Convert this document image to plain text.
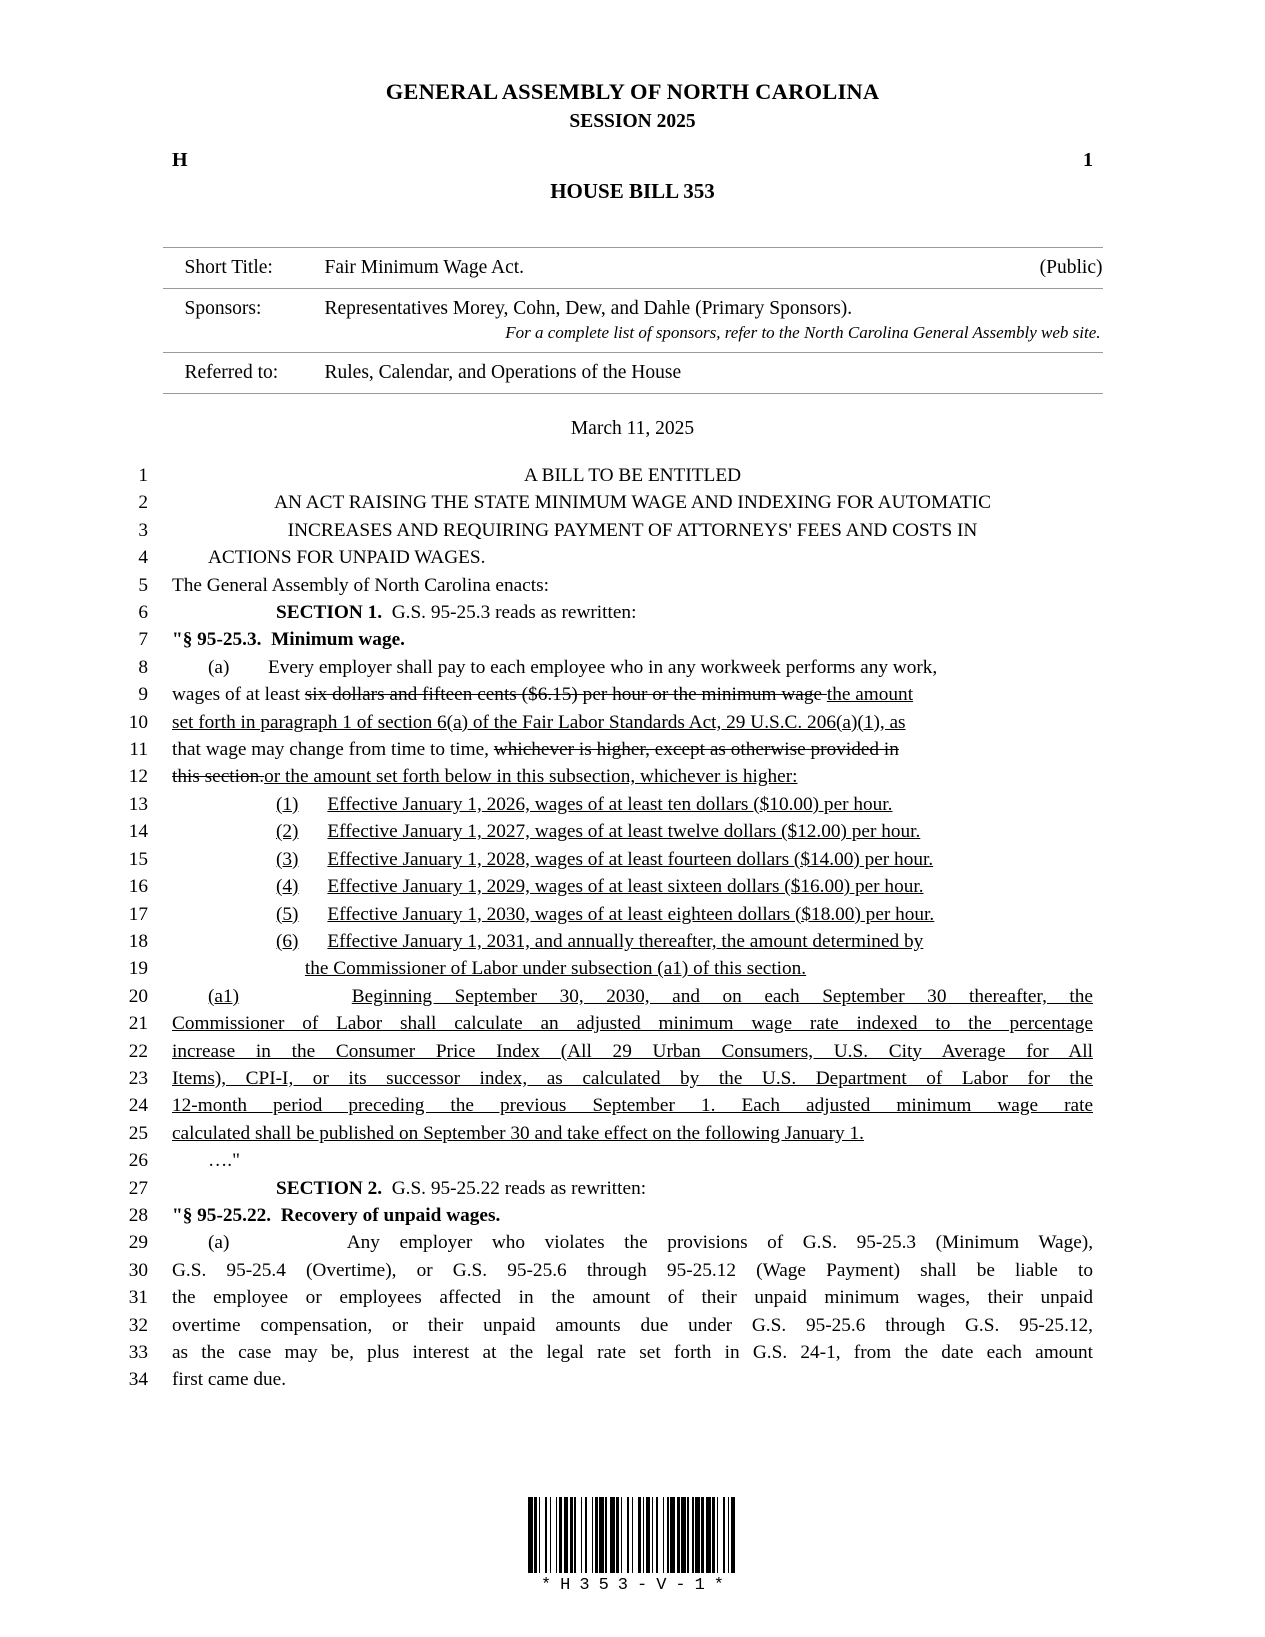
GENERAL ASSEMBLY OF NORTH CAROLINA
SESSION 2025
H	1
HOUSE BILL 353
Short Title:	Fair Minimum Wage Act. (Public)

Sponsors:	Representatives Morey, Cohn, Dew, and Dahle (Primary Sponsors).
For a complete list of sponsors, refer to the North Carolina General Assembly web site.

Referred to:	Rules, Calendar, and Operations of the House
March 11, 2025
1	A BILL TO BE ENTITLED
2	AN ACT RAISING THE STATE MINIMUM WAGE AND INDEXING FOR AUTOMATIC
3	INCREASES AND REQUIRING PAYMENT OF ATTORNEYS' FEES AND COSTS IN
4	ACTIONS FOR UNPAID WAGES.
5 The General Assembly of North Carolina enacts:
6	SECTION 1. G.S. 95-25.3 reads as rewritten:
7 "§ 95-25.3.  Minimum wage.
8	(a) Every employer shall pay to each employee who in any workweek performs any work,
9 wages of at least six dollars and fifteen cents ($6.15) per hour or the minimum wage the amount
10 set forth in paragraph 1 of section 6(a) of the Fair Labor Standards Act, 29 U.S.C. 206(a)(1), as
11 that wage may change from time to time, whichever is higher, except as otherwise provided in
12 this section.or the amount set forth below in this subsection, whichever is higher:
13	(1) Effective January 1, 2026, wages of at least ten dollars ($10.00) per hour.
14	(2) Effective January 1, 2027, wages of at least twelve dollars ($12.00) per hour.
15	(3) Effective January 1, 2028, wages of at least fourteen dollars ($14.00) per hour.
16	(4) Effective January 1, 2029, wages of at least sixteen dollars ($16.00) per hour.
17	(5) Effective January 1, 2030, wages of at least eighteen dollars ($18.00) per hour.
18	(6) Effective January 1, 2031, and annually thereafter, the amount determined by
19	the Commissioner of Labor under subsection (a1) of this section.
20	(a1)	Beginning September 30, 2030, and on each September 30 thereafter, the
21 Commissioner of Labor shall calculate an adjusted minimum wage rate indexed to the percentage
22 increase in the Consumer Price Index (All 29 Urban Consumers, U.S. City Average for All
23 Items), CPI-I, or its successor index, as calculated by the U.S. Department of Labor for the
24 12-month period preceding the previous September 1. Each adjusted minimum wage rate
25 calculated shall be published on September 30 and take effect on the following January 1.
26	…."
27	SECTION 2. G.S. 95-25.22 reads as rewritten:
28 "§ 95-25.22.  Recovery of unpaid wages.
29	(a)	Any employer who violates the provisions of G.S. 95-25.3 (Minimum Wage),
30 G.S. 95-25.4 (Overtime), or G.S. 95-25.6 through 95-25.12 (Wage Payment) shall be liable to
31 the employee or employees affected in the amount of their unpaid minimum wages, their unpaid
32 overtime compensation, or their unpaid amounts due under G.S. 95-25.6 through G.S. 95-25.12,
33 as the case may be, plus interest at the legal rate set forth in G.S. 24-1, from the date each amount
34 first came due.
*H353-V-1*
